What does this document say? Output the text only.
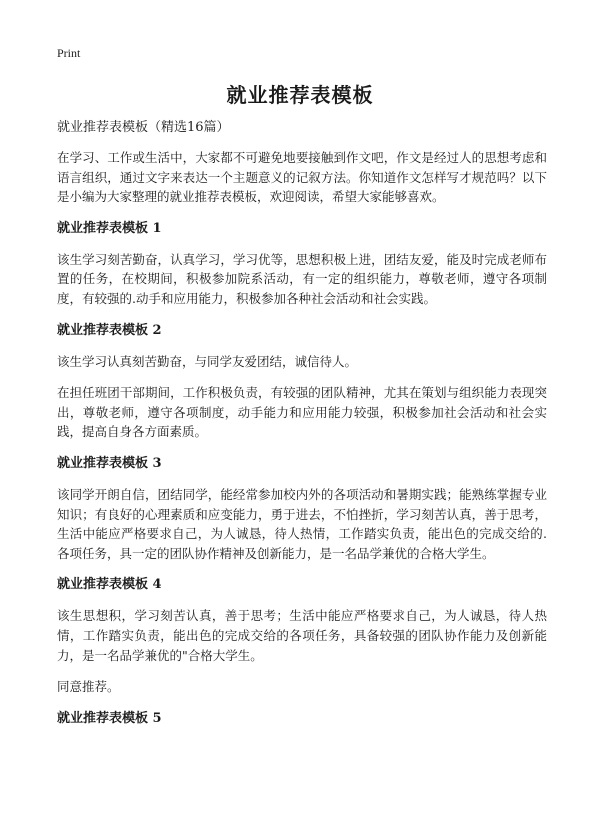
Print
就业推荐表模板
就业推荐表模板（精选16篇）

在学习、工作或生活中，大家都不可避免地要接触到作文吧，作文是经过人的思想考虑和语言组织，通过文字来表达一个主题意义的记叙方法。你知道作文怎样写才规范吗？以下是小编为大家整理的就业推荐表模板，欢迎阅读，希望大家能够喜欢。

就业推荐表模板 1

该生学习刻苦勤奋，认真学习，学习优等，思想积极上进，团结友爱，能及时完成老师布置的任务，在校期间，积极参加院系活动，有一定的组织能力，尊敬老师，遵守各项制度，有较强的.动手和应用能力，积极参加各种社会活动和社会实践。

就业推荐表模板 2

该生学习认真刻苦勤奋，与同学友爱团结，诚信待人。

在担任班团干部期间，工作积极负责，有较强的团队精神，尤其在策划与组织能力表现突出，尊敬老师，遵守各项制度，动手能力和应用能力较强，积极参加社会活动和社会实践，提高自身各方面素质。

就业推荐表模板 3

该同学开朗自信，团结同学，能经常参加校内外的各项活动和暑期实践；能熟练掌握专业知识；有良好的心理素质和应变能力，勇于进去，不怕挫折，学习刻苦认真，善于思考，生活中能应严格要求自己，为人诚恳，待人热情，工作踏实负责，能出色的完成交给的.各项任务，具一定的团队协作精神及创新能力，是一名品学兼优的合格大学生。

就业推荐表模板 4

该生思想积，学习刻苦认真，善于思考；生活中能应严格要求自己，为人诚恳，待人热情，工作踏实负责，能出色的完成交给的各项任务，具备较强的团队协作能力及创新能力，是一名品学兼优的"合格大学生。

同意推荐。

就业推荐表模板 5
